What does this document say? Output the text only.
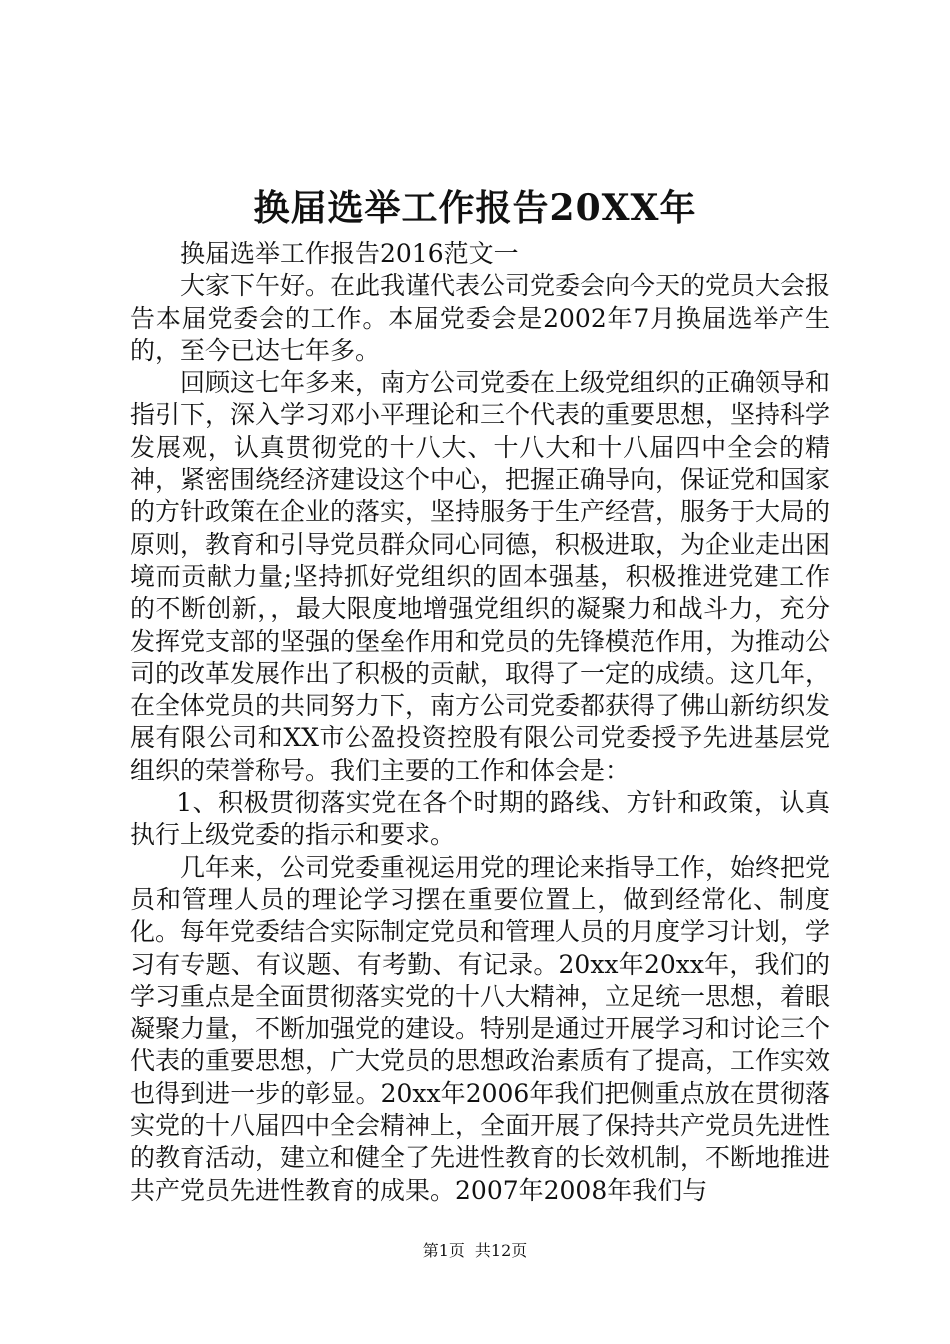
换届选举工作报告20XX年

换届选举工作报告2016范文一

大家下午好。在此我谨代表公司党委会向今天的党员大会报告本届党委会的工作。本届党委会是2002年7月换届选举产生的，至今已达七年多。

回顾这七年多来，南方公司党委在上级党组织的正确领导和指引下，深入学习邓小平理论和三个代表的重要思想，坚持科学发展观，认真贯彻党的十八大、十八大和十八届四中全会的精神，紧密围绕经济建设这个中心，把握正确导向，保证党和国家的方针政策在企业的落实，坚持服务于生产经营，服务于大局的原则，教育和引导党员群众同心同德，积极进取，为企业走出困境而贡献力量;坚持抓好党组织的固本强基，积极推进党建工作的不断创新，，最大限度地增强党组织的凝聚力和战斗力，充分发挥党支部的坚强的堡垒作用和党员的先锋模范作用，为推动公司的改革发展作出了积极的贡献，取得了一定的成绩。这几年，在全体党员的共同努力下，南方公司党委都获得了佛山新纺织发展有限公司和XX市公盈投资控股有限公司党委授予先进基层党组织的荣誉称号。我们主要的工作和体会是：

1、积极贯彻落实党在各个时期的路线、方针和政策，认真执行上级党委的指示和要求。

几年来，公司党委重视运用党的理论来指导工作，始终把党员和管理人员的理论学习摆在重要位置上，做到经常化、制度化。每年党委结合实际制定党员和管理人员的月度学习计划，学习有专题、有议题、有考勤、有记录。20xx年20xx年，我们的学习重点是全面贯彻落实党的十八大精神，立足统一思想，着眼凝聚力量，不断加强党的建设。特别是通过开展学习和讨论三个代表的重要思想，广大党员的思想政治素质有了提高，工作实效也得到进一步的彰显。20xx年2006年我们把侧重点放在贯彻落实党的十八届四中全会精神上，全面开展了保持共产党员先进性的教育活动，建立和健全了先进性教育的长效机制，不断地推进共产党员先进性教育的成果。2007年2008年我们与

第1页 共12页
